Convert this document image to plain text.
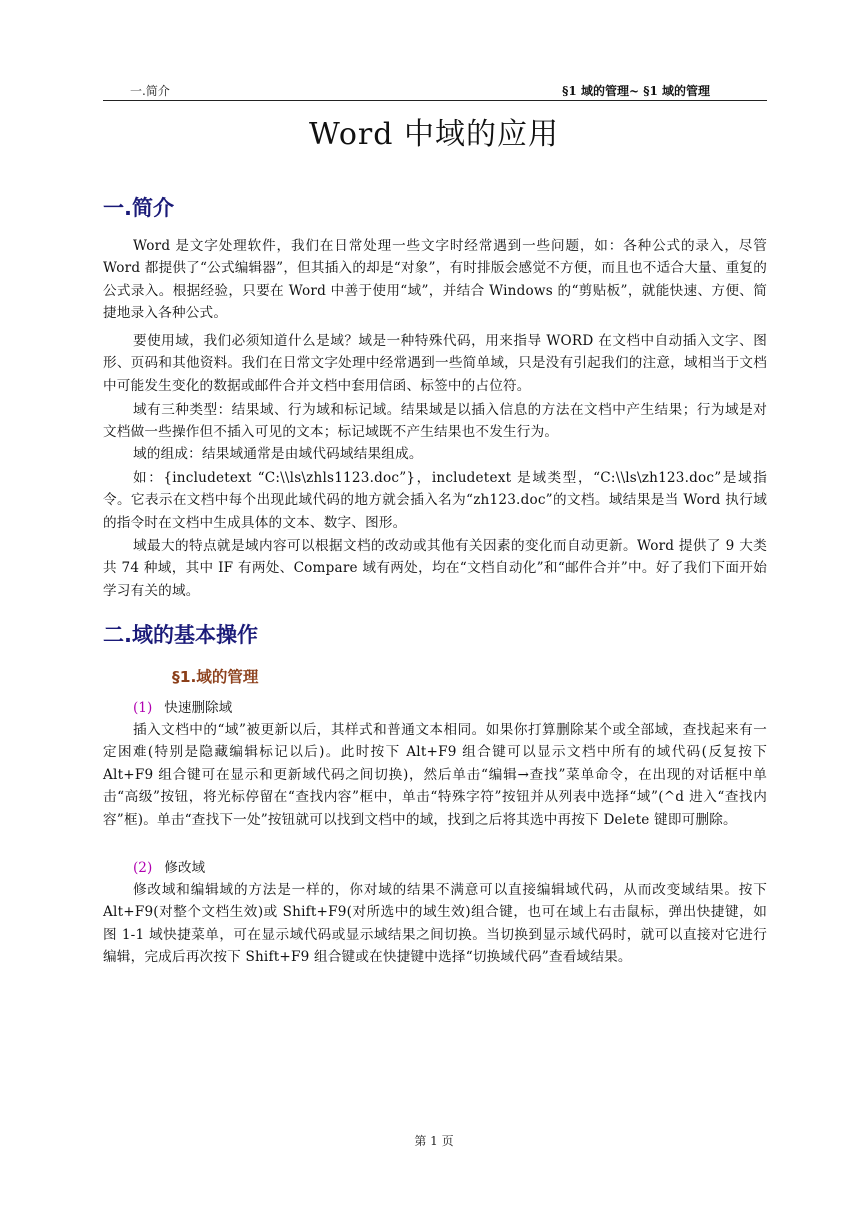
一.简介	§1 域的管理~ §1 域的管理
Word 中域的应用
一.简介

Word 是文字处理软件，我们在日常处理一些文字时经常遇到一些问题，如：各种公式的录入，尽管 Word 都提供了“公式编辑器”，但其插入的却是“对象”，有时排版会感觉不方便，而且也不适合大量、重复的公式录入。根据经验，只要在 Word 中善于使用“域”，并结合 Windows 的“剪贴板”，就能快速、方便、简捷地录入各种公式。

要使用域，我们必须知道什么是域？域是一种特殊代码，用来指导 WORD 在文档中自动插入文字、图形、页码和其他资料。我们在日常文字处理中经常遇到一些简单域，只是没有引起我们的注意，域相当于文档中可能发生变化的数据或邮件合并文档中套用信函、标签中的占位符。

域有三种类型：结果域、行为域和标记域。结果域是以插入信息的方法在文档中产生结果；行为域是对文档做一些操作但不插入可见的文本；标记域既不产生结果也不发生行为。

域的组成：结果域通常是由域代码域结果组成。

如：{includetext “C:\\ls\zhls1123.doc”}，includetext 是域类型，“C:\\ls\zh123.doc”是域指令。它表示在文档中每个出现此域代码的地方就会插入名为“zh123.doc”的文档。域结果是当 Word 执行域的指令时在文档中生成具体的文本、数字、图形。

域最大的特点就是域内容可以根据文档的改动或其他有关因素的变化而自动更新。Word 提供了 9 大类共 74 种域，其中 IF 有两处、Compare 域有两处，均在“文档自动化”和“邮件合并”中。好了我们下面开始学习有关的域。

二.域的基本操作
§1.域的管理
(1) 快速删除域

插入文档中的“域”被更新以后，其样式和普通文本相同。如果你打算删除某个或全部域，查找起来有一定困难(特别是隐藏编辑标记以后)。此时按下 Alt+F9 组合键可以显示文档中所有的域代码(反复按下 Alt+F9 组合键可在显示和更新域代码之间切换)，然后单击“编辑→查找”菜单命令，在出现的对话框中单击“高级”按钮，将光标停留在“查找内容”框中，单击“特殊字符”按钮并从列表中选择“域”(^d 进入“查找内容”框)。单击“查找下一处”按钮就可以找到文档中的域，找到之后将其选中再按下 Delete 键即可删除。

(2) 修改域

修改域和编辑域的方法是一样的，你对域的结果不满意可以直接编辑域代码，从而改变域结果。按下 Alt+F9(对整个文档生效)或 Shift+F9(对所选中的域生效)组合键，也可在域上右击鼠标，弹出快捷键，如图 1-1 域快捷菜单，可在显示域代码或显示域结果之间切换。当切换到显示域代码时，就可以直接对它进行编辑，完成后再次按下 Shift+F9 组合键或在快捷键中选择“切换域代码”查看域结果。

第 1 页
